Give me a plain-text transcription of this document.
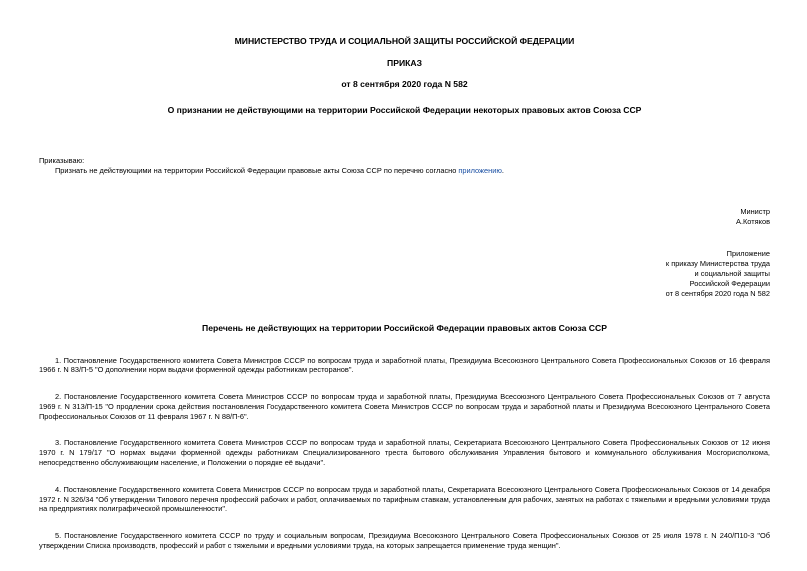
МИНИСТЕРСТВО ТРУДА И СОЦИАЛЬНОЙ ЗАЩИТЫ РОССИЙСКОЙ ФЕДЕРАЦИИ

ПРИКАЗ

от 8 сентября 2020 года N 582

О признании не действующими на территории Российской Федерации некоторых правовых актов Союза ССР

Приказываю:
Признать не действующими на территории Российской Федерации правовые акты Союза ССР по перечню согласно приложению.
Министр
А.Котяков
Приложение
к приказу Министерства труда
и социальной защиты
Российской Федерации
от 8 сентября 2020 года N 582

Перечень не действующих на территории Российской Федерации правовых актов Союза ССР

1. Постановление Государственного комитета Совета Министров СССР по вопросам труда и заработной платы, Президиума Всесоюзного Центрального Совета Профессиональных Союзов от 16 февраля 1966 г. N 83/П-5 "О дополнении норм выдачи форменной одежды работникам ресторанов".

2. Постановление Государственного комитета Совета Министров СССР по вопросам труда и заработной платы, Президиума Всесоюзного Центрального Совета Профессиональных Союзов от 7 августа 1969 г. N 313/П-15 "О продлении срока действия постановления Государственного комитета Совета Министров СССР по вопросам труда и заработной платы и Президиума Всесоюзного Центрального Совета Профессиональных Союзов от 11 февраля 1967 г. N 88/П-6".

3. Постановление Государственного комитета Совета Министров СССР по вопросам труда и заработной платы, Секретариата Всесоюзного Центрального Совета Профессиональных Союзов от 12 июня 1970 г. N 179/17 "О нормах выдачи форменной одежды работникам Специализированного треста бытового обслуживания Управления бытового и коммунального обслуживания Мосгорисполкома, непосредственно обслуживающим население, и Положении о порядке её выдачи".

4. Постановление Государственного комитета Совета Министров СССР по вопросам труда и заработной платы, Секретариата Всесоюзного Центрального Совета Профессиональных Союзов от 14 декабря 1972 г. N 326/34 "Об утверждении Типового перечня профессий рабочих и работ, оплачиваемых по тарифным ставкам, установленным для рабочих, занятых на работах с тяжелыми и вредными условиями труда на предприятиях полиграфической промышленности".

5. Постановление Государственного комитета СССР по труду и социальным вопросам, Президиума Всесоюзного Центрального Совета Профессиональных Союзов от 25 июля 1978 г. N 240/П10-3 "Об утверждении Списка производств, профессий и работ с тяжелыми и вредными условиями труда, на которых запрещается применение труда женщин".
